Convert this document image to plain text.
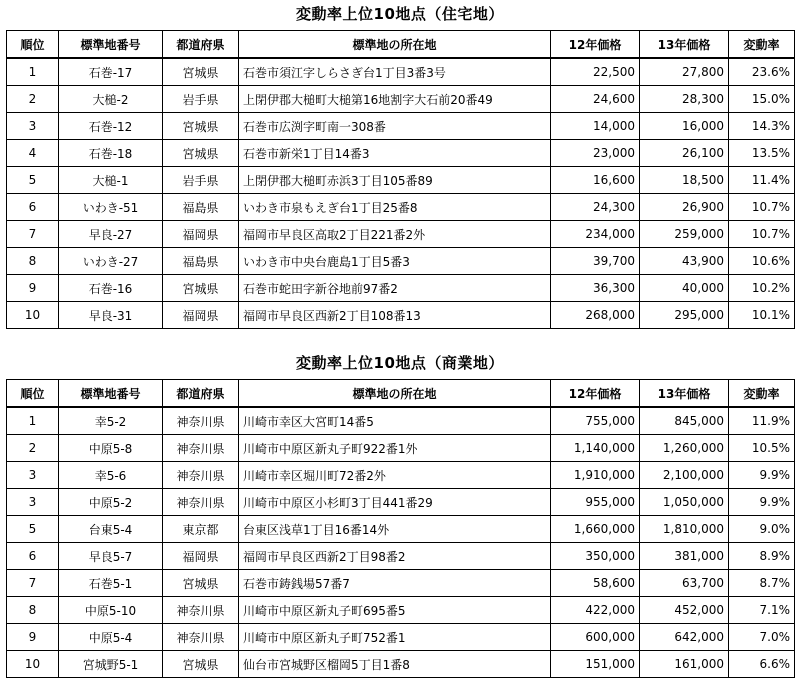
変動率上位10地点（住宅地）
順位	標準地番号	都道府県	標準地の所在地	12年価格	13年価格	変動率
1	石巻-17	宮城県	石巻市須江字しらさぎ台1丁目3番3号	22,500	27,800	23.6%
2	大槌-2	岩手県	上閉伊郡大槌町大槌第16地割字大石前20番49	24,600	28,300	15.0%
3	石巻-12	宮城県	石巻市広渕字町南一308番	14,000	16,000	14.3%
4	石巻-18	宮城県	石巻市新栄1丁目14番3	23,000	26,100	13.5%
5	大槌-1	岩手県	上閉伊郡大槌町赤浜3丁目105番89	16,600	18,500	11.4%
6	いわき-51	福島県	いわき市泉もえぎ台1丁目25番8	24,300	26,900	10.7%
7	早良-27	福岡県	福岡市早良区高取2丁目221番2外	234,000	259,000	10.7%
8	いわき-27	福島県	いわき市中央台鹿島1丁目5番3	39,700	43,900	10.6%
9	石巻-16	宮城県	石巻市蛇田字新谷地前97番2	36,300	40,000	10.2%
10	早良-31	福岡県	福岡市早良区西新2丁目108番13	268,000	295,000	10.1%
変動率上位10地点（商業地）
順位	標準地番号	都道府県	標準地の所在地	12年価格	13年価格	変動率
1	幸5-2	神奈川県	川崎市幸区大宮町14番5	755,000	845,000	11.9%
2	中原5-8	神奈川県	川崎市中原区新丸子町922番1外	1,140,000	1,260,000	10.5%
3	幸5-6	神奈川県	川崎市幸区堀川町72番2外	1,910,000	2,100,000	9.9%
3	中原5-2	神奈川県	川崎市中原区小杉町3丁目441番29	955,000	1,050,000	9.9%
5	台東5-4	東京都	台東区浅草1丁目16番14外	1,660,000	1,810,000	9.0%
6	早良5-7	福岡県	福岡市早良区西新2丁目98番2	350,000	381,000	8.9%
7	石巻5-1	宮城県	石巻市鋳銭場57番7	58,600	63,700	8.7%
8	中原5-10	神奈川県	川崎市中原区新丸子町695番5	422,000	452,000	7.1%
9	中原5-4	神奈川県	川崎市中原区新丸子町752番1	600,000	642,000	7.0%
10	宮城野5-1	宮城県	仙台市宮城野区榴岡5丁目1番8	151,000	161,000	6.6%
